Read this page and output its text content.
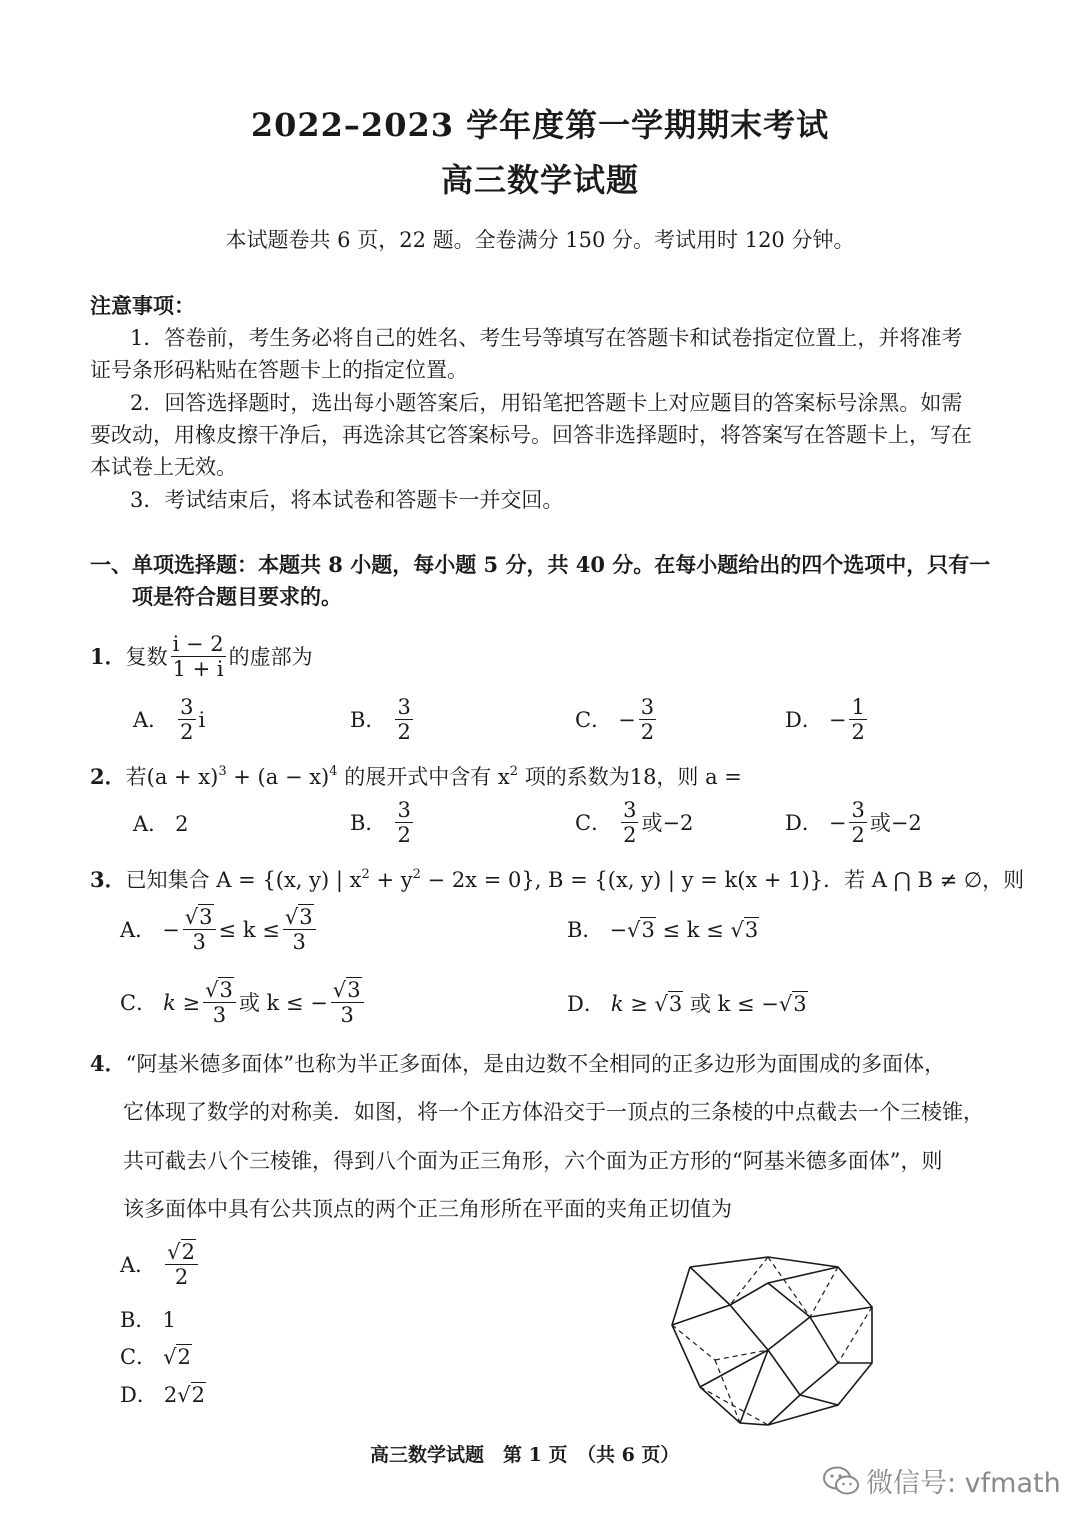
2022–2023 学年度第一学期期末考试
高三数学试题
本试题卷共 6 页，22 题。全卷满分 150 分。考试用时 120 分钟。
注意事项：
1．答卷前，考生务必将自己的姓名、考生号等填写在答题卡和试卷指定位置上，并将准考
证号条形码粘贴在答题卡上的指定位置。
2．回答选择题时，选出每小题答案后，用铅笔把答题卡上对应题目的答案标号涂黑。如需
要改动，用橡皮擦干净后，再选涂其它答案标号。回答非选择题时，将答案写在答题卡上，写在
本试卷上无效。
3．考试结束后，将本试卷和答题卡一并交回。
一、单项选择题：本题共 8 小题，每小题 5 分，共 40 分。在每小题给出的四个选项中，只有一
项是符合题目要求的。
1． 复数 $\frac{i - 2}{1 + i}$ 的虚部为
A． $\frac{3}{2}$ i	B． $\frac{3}{2}$	C． − $\frac{3}{2}$	D． − $\frac{1}{2}$
2．若$(a + x)^3 + (a - x)^4$ 的展开式中含有 $x^2$ 项的系数为18，则 a =
A． 2	B． $\frac{3}{2}$	C． $\frac{3}{2}$ 或−2	D． − $\frac{3}{2}$ 或−2
3．已知集合 A = {(x, y) | $x^2 + y^2 - 2x = 0$}, B = {(x, y) | y = k(x + 1)}．若 A ⋂ B ≠ ∅，则
A． − $\frac{√3}{3} \le k \le \frac{√3}{3}$	B． − √ 3 ≤ k ≤ √ 3
C． $k \ge \frac{√3}{3}$ 或 k ≤ − $\frac{√3}{3}$	D． k ≥ √ 3 或 k ≤ − √ 3
4．“阿基米德多面体”也称为半正多面体，是由边数不全相同的正多边形为面围成的多面体，
它体现了数学的对称美．如图，将一个正方体沿交于一顶点的三条棱的中点截去一个三棱锥，
共可截去八个三棱锥，得到八个面为正三角形，六个面为正方形的“阿基米德多面体”，则
该多面体中具有公共顶点的两个正三角形所在平面的夹角正切值为
A． $\frac{√2}{2}$
B． 1
C． √ 2
D． 2 √ 2
高三数学试题　第 1 页　（共 6 页）
微信号: vfmath
